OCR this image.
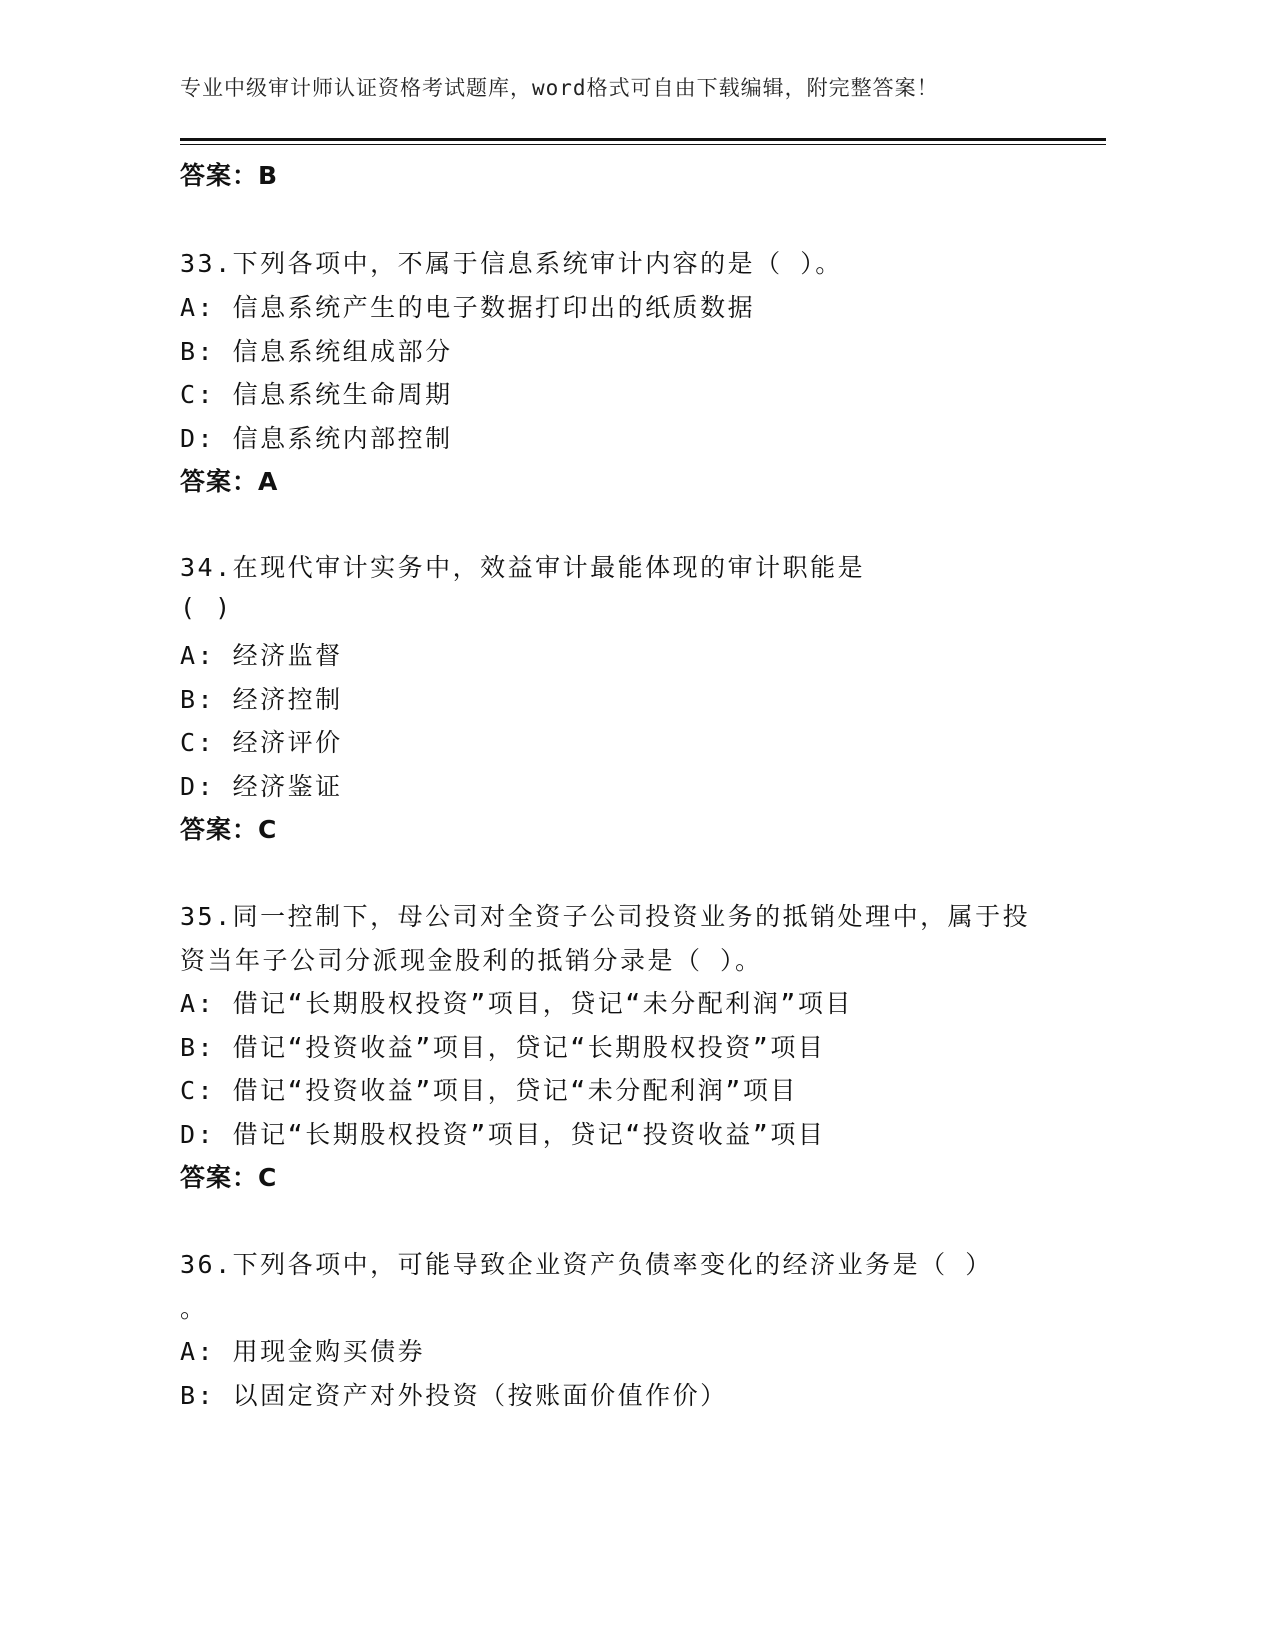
专业中级审计师认证资格考试题库，word格式可自由下载编辑，附完整答案！
答案：B
33.下列各项中，不属于信息系统审计内容的是（ ）。
A: 信息系统产生的电子数据打印出的纸质数据
B: 信息系统组成部分
C: 信息系统生命周期
D: 信息系统内部控制
答案：A
34.在现代审计实务中，效益审计最能体现的审计职能是
( )
A: 经济监督
B: 经济控制
C: 经济评价
D: 经济鉴证
答案：C
35.同一控制下，母公司对全资子公司投资业务的抵销处理中，属于投
资当年子公司分派现金股利的抵销分录是（ ）。
A: 借记“长期股权投资”项目，贷记“未分配利润”项目
B: 借记“投资收益”项目，贷记“长期股权投资”项目
C: 借记“投资收益”项目，贷记“未分配利润”项目
D: 借记“长期股权投资”项目，贷记“投资收益”项目
答案：C
36.下列各项中，可能导致企业资产负债率变化的经济业务是（ ）
。
A: 用现金购买债券
B: 以固定资产对外投资（按账面价值作价）
